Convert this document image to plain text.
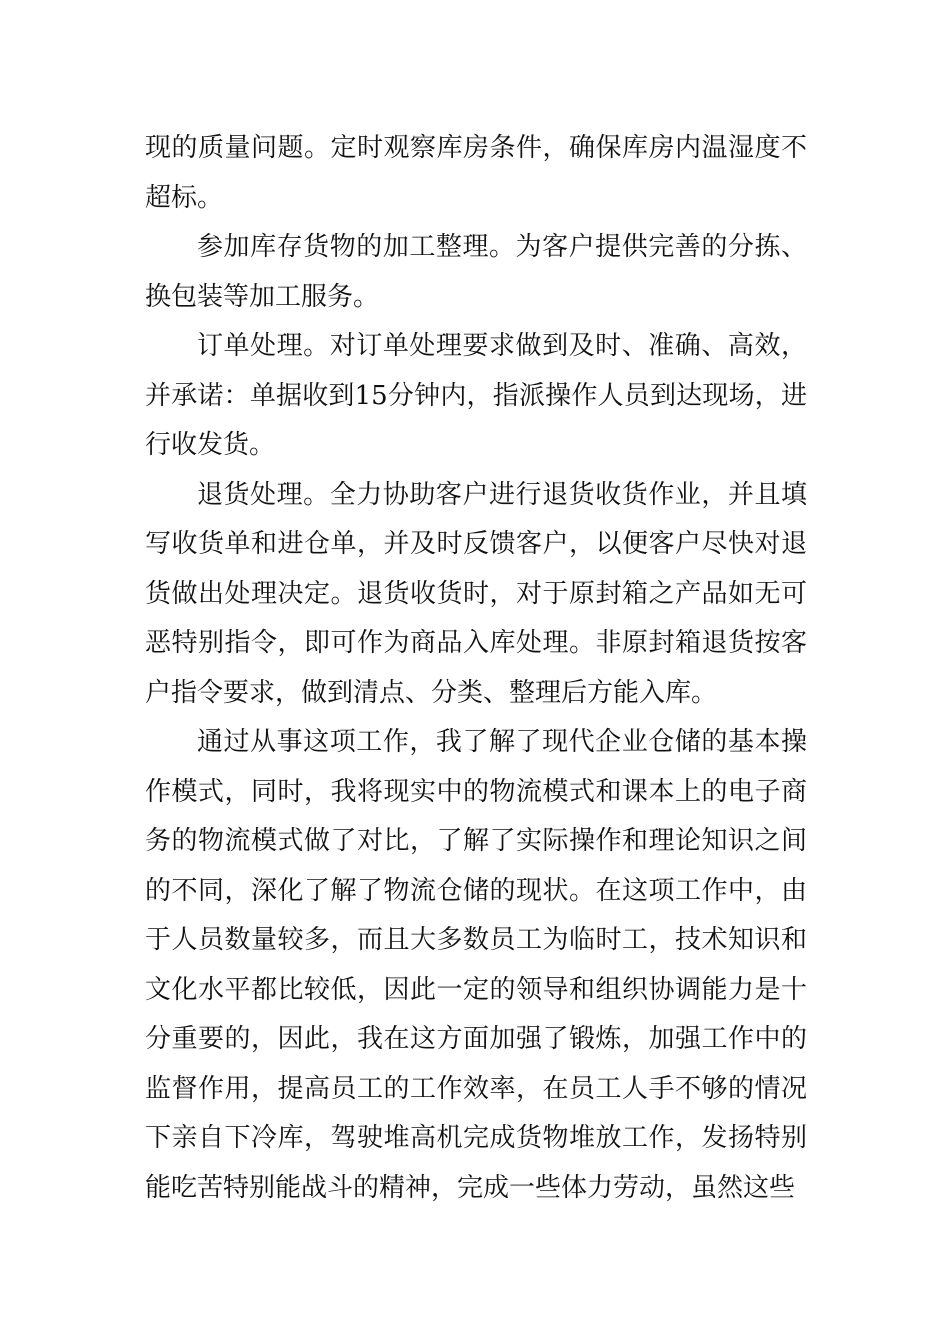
现的质量问题。定时观察库房条件，确保库房内温湿度不超标。

参加库存货物的加工整理。为客户提供完善的分拣、换包装等加工服务。

订单处理。对订单处理要求做到及时、准确、高效，并承诺：单据收到15分钟内，指派操作人员到达现场，进行收发货。

退货处理。全力协助客户进行退货收货作业，并且填写收货单和进仓单，并及时反馈客户，以便客户尽快对退货做出处理决定。退货收货时，对于原封箱之产品如无可恶特别指令，即可作为商品入库处理。非原封箱退货按客户指令要求，做到清点、分类、整理后方能入库。

通过从事这项工作，我了解了现代企业仓储的基本操作模式，同时，我将现实中的物流模式和课本上的电子商务的物流模式做了对比，了解了实际操作和理论知识之间的不同，深化了解了物流仓储的现状。在这项工作中，由于人员数量较多，而且大多数员工为临时工，技术知识和文化水平都比较低，因此一定的领导和组织协调能力是十分重要的，因此，我在这方面加强了锻炼，加强工作中的监督作用，提高员工的工作效率，在员工人手不够的情况下亲自下冷库，驾驶堆高机完成货物堆放工作，发扬特别能吃苦特别能战斗的精神，完成一些体力劳动，虽然这些
